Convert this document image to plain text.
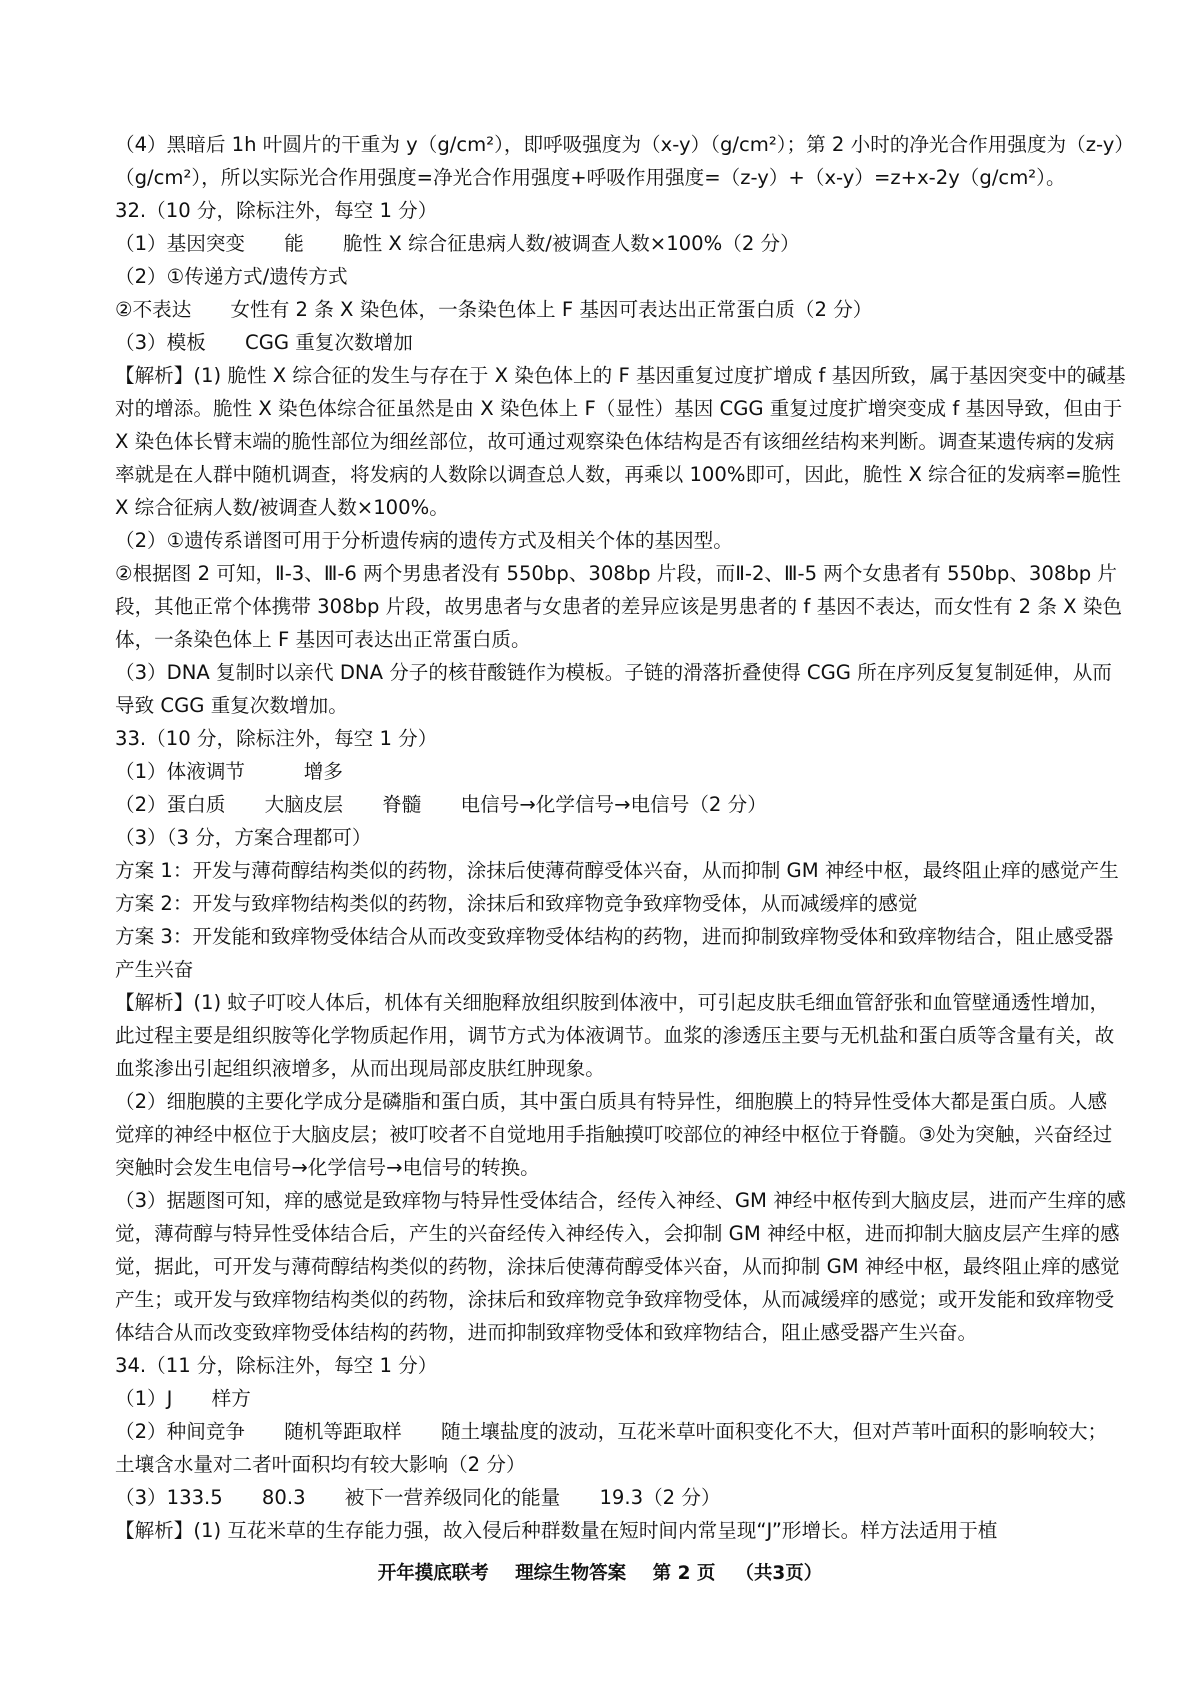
（4）黑暗后 1h 叶圆片的干重为 y（g/cm²），即呼吸强度为（x-y）（g/cm²）；第 2 小时的净光合作用强度为（z-y）（g/cm²），所以实际光合作用强度=净光合作用强度+呼吸作用强度=（z-y）+（x-y）=z+x-2y（g/cm²）。
32.（10 分，除标注外，每空 1 分）
（1）基因突变　　能　　脆性 X 综合征患病人数/被调查人数×100%（2 分）
（2）①传递方式/遗传方式
②不表达　　女性有 2 条 X 染色体，一条染色体上 F 基因可表达出正常蛋白质（2 分）
（3）模板　　CGG 重复次数增加
【解析】(1) 脆性 X 综合征的发生与存在于 X 染色体上的 F 基因重复过度扩增成 f 基因所致，属于基因突变中的碱基对的增添。脆性 X 染色体综合征虽然是由 X 染色体上 F（显性）基因 CGG 重复过度扩增突变成 f 基因导致，但由于 X 染色体长臂末端的脆性部位为细丝部位，故可通过观察染色体结构是否有该细丝结构来判断。调查某遗传病的发病率就是在人群中随机调查，将发病的人数除以调查总人数，再乘以 100%即可，因此，脆性 X 综合征的发病率=脆性 X 综合征病人数/被调查人数×100%。
（2）①遗传系谱图可用于分析遗传病的遗传方式及相关个体的基因型。
②根据图 2 可知，Ⅱ-3、Ⅲ-6 两个男患者没有 550bp、308bp 片段，而Ⅱ-2、Ⅲ-5 两个女患者有 550bp、308bp 片段，其他正常个体携带 308bp 片段，故男患者与女患者的差异应该是男患者的 f 基因不表达，而女性有 2 条 X 染色体，一条染色体上 F 基因可表达出正常蛋白质。
（3）DNA 复制时以亲代 DNA 分子的核苷酸链作为模板。子链的滑落折叠使得 CGG 所在序列反复复制延伸，从而导致 CGG 重复次数增加。
33.（10 分，除标注外，每空 1 分）
（1）体液调节　　　增多
（2）蛋白质　　大脑皮层　　脊髓　　电信号→化学信号→电信号（2 分）
（3）（3 分，方案合理都可）
方案 1：开发与薄荷醇结构类似的药物，涂抹后使薄荷醇受体兴奋，从而抑制 GM 神经中枢，最终阻止痒的感觉产生
方案 2：开发与致痒物结构类似的药物，涂抹后和致痒物竞争致痒物受体，从而减缓痒的感觉
方案 3：开发能和致痒物受体结合从而改变致痒物受体结构的药物，进而抑制致痒物受体和致痒物结合，阻止感受器产生兴奋
【解析】(1) 蚊子叮咬人体后，机体有关细胞释放组织胺到体液中，可引起皮肤毛细血管舒张和血管壁通透性增加，此过程主要是组织胺等化学物质起作用，调节方式为体液调节。血浆的渗透压主要与无机盐和蛋白质等含量有关，故血浆渗出引起组织液增多，从而出现局部皮肤红肿现象。
（2）细胞膜的主要化学成分是磷脂和蛋白质，其中蛋白质具有特异性，细胞膜上的特异性受体大都是蛋白质。人感觉痒的神经中枢位于大脑皮层；被叮咬者不自觉地用手指触摸叮咬部位的神经中枢位于脊髓。③处为突触，兴奋经过突触时会发生电信号→化学信号→电信号的转换。
（3）据题图可知，痒的感觉是致痒物与特异性受体结合，经传入神经、GM 神经中枢传到大脑皮层，进而产生痒的感觉，薄荷醇与特异性受体结合后，产生的兴奋经传入神经传入，会抑制 GM 神经中枢，进而抑制大脑皮层产生痒的感觉，据此，可开发与薄荷醇结构类似的药物，涂抹后使薄荷醇受体兴奋，从而抑制 GM 神经中枢，最终阻止痒的感觉产生；或开发与致痒物结构类似的药物，涂抹后和致痒物竞争致痒物受体，从而减缓痒的感觉；或开发能和致痒物受体结合从而改变致痒物受体结构的药物，进而抑制致痒物受体和致痒物结合，阻止感受器产生兴奋。
34.（11 分，除标注外，每空 1 分）
（1）J　　样方
（2）种间竞争　　随机等距取样　　随土壤盐度的波动，互花米草叶面积变化不大，但对芦苇叶面积的影响较大；土壤含水量对二者叶面积均有较大影响（2 分）
（3）133.5　　80.3　　被下一营养级同化的能量　　19.3（2 分）
【解析】(1) 互花米草的生存能力强，故入侵后种群数量在短时间内常呈现“J”形增长。样方法适用于植
开年摸底联考 理综生物答案 第 2 页 （共3页）
